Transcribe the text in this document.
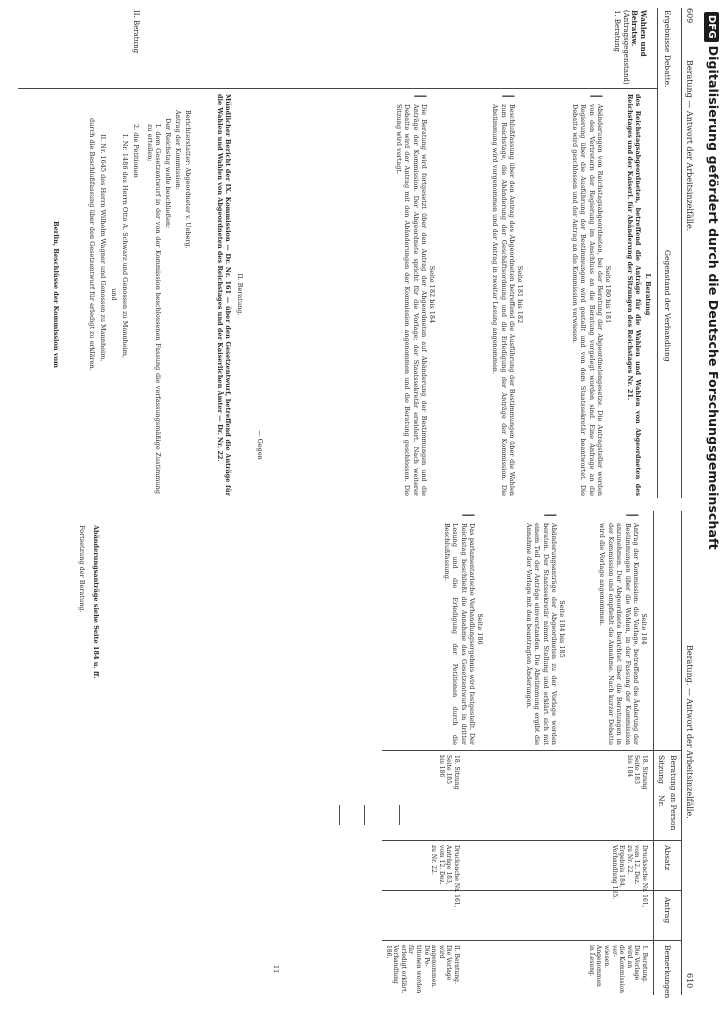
609
Beratung — Antwort der Arbeitsinzelfälle.
Ergebnisse Debatte.
Gegenstand der Verhandlung
Wahlen und Beiratsw.
(Antragsgegenstand)
1. Beratung
II. Beratung
I. Beratung
des Reichstagsabgeordneten, betreffend die Anträge für die Wahlen und Wahlen von Abgeordneten des Reichstages und der Kaiserl. für Abänderung der Sitzungen des Reichstages Nr. 21.
Seite 180 bis 181
|
Abänderungen von Reichstagsabgeordneten, bei der Beratung der Abgeordnetengesetze. Die Antragsteller werden von den Vertretern der Regierung im Anschluss an die Beratung vorgelegt worden sind. Eine Anfrage an die Regierung über die Ausführung der Bestimmungen wird gestellt und von dem Staatssekretär beantwortet. Die Debatte wird geschlossen und der Antrag an die Kommission verwiesen.
Seite 181 bis 182
|
Beschlußfassung über den Antrag des Abgeordneten betreffend die Ausführung der Bestimmungen über die Wahlen zum Reichstage, die Abänderung der Geschäftsordnung und die Erledigung der Anträge der Kommission. Die Abstimmung wird vorgenommen und der Antrag in zweiter Lesung angenommen.
Seite 182 bis 184
|
Die Beratung wird fortgesetzt über den Antrag der Abgeordneten auf Abänderung der Bestimmungen und die Anträge der Kommission. Der Abgeordnete spricht für die Vorlage; der Staatssekretär erwidert. Nach weiterer Debatte wird der Antrag mit den Abänderungen der Kommission angenommen und die Beratung geschlossen. Die Sitzung wird vertagt.
— Gegen
II. Beratung.
Mündlicher Bericht der IX. Kommission — Dr. Nr. 161 — über den Gesetzentwurf, betreffend die Anträge für die Wahlen und Wahlen von Abgeordneten des Reichstages und der Kaiserlichen Ämter — Dr. Nr. 22.
Berichterstatter: Abgeordneter v. Ueberg.
Antrag der Kommission:
Der Reichstag wolle beschließen:
I. dem Gesetzentwurf in der von der Kommission beschlossenen Fassung die verfassungsmäßige Zustimmung zu erteilen;
2. die Petitionen
I. Nr. 1486 des Herrn Otto A. Schwarz und Genossen zu Mannheim,
und
II. Nr. 1645 des Herrn Wilhelm Wagner und Genossen zu Mannheim,
durch die Beschlußfassung über den Gesetzentwurf für erledigt zu erklären.
Berlin, Beschlüsse der Kommission vom
Beratung. — Antwort der Arbeitsinzelfälle.
610
Beratung an Person
Sitzung
Nr.
Absatz
Antrag
Bemerkungen
Seite 184
|
Antrag der Kommission: die Vorlage, betreffend die Änderung der Bestimmungen über die Wahlen, in der Fassung der Kommission anzunehmen. Der Abgeordnete berichtet über die Beratungen in der Kommission und empfiehlt die Annahme. Nach kurzer Debatte wird die Vorlage angenommen.
Seite 184 bis 185
|
Abänderungsanträge der Abgeordneten zu der Vorlage werden beraten. Der Staatssekretär nimmt Stellung und erklärt sich mit einem Teil der Anträge einverstanden. Die Abstimmung ergibt die Annahme der Vorlage mit den beantragten Änderungen.
Seite 186
|
Das parlamentarische Verhandlungsergebnis wird festgestellt. Der Reichstag beschließt die Annahme des Gesetzentwurfs in dritter Lesung und die Erledigung der Petitionen durch die Beschlußfassung.
18. Sitzung
Seite 183
bis 184
Drucksache Nr. 161,
vom 12. Dez.
zu Nr. 22.
Ergebnis 184,
Verhandlung 185.
1. Beratung.
Die Vorlage wird an
die Kommission ver-
wiesen. Angenommen
in Lesung.
18. Sitzung
Seite 185
bis 186
Drucksache Nr. 161,
Anträge 183,
vom 12. Dez.
zu Nr. 22.
II. Beratung.
Die Vorlage wird
angenommen. Die Pe-
titionen werden für
erledigt erklärt.
Verhandlung 186.
11
Abänderungsanträge siehe Seite 184 u. ff.
Fortsetzung der Beratung.
DFGDigitalisierung gefördert durch die Deutsche Forschungsgemeinschaft
